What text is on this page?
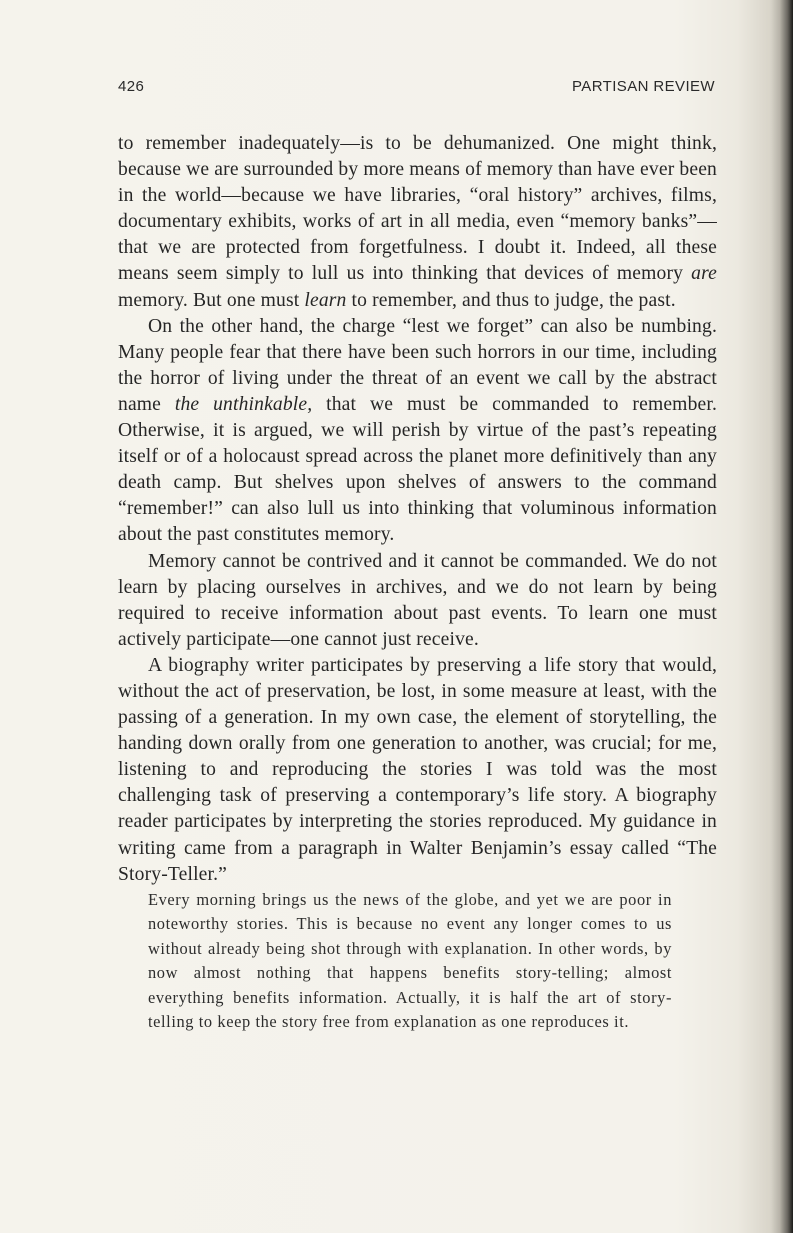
426	PARTISAN REVIEW

to remember inadequately—is to be dehumanized. One might think, because we are surrounded by more means of memory than have ever been in the world—because we have libraries, “oral history” archives, films, documentary exhibits, works of art in all media, even “memory banks”—that we are protected from forgetfulness. I doubt it. Indeed, all these means seem simply to lull us into thinking that devices of memory are memory. But one must learn to remember, and thus to judge, the past.

On the other hand, the charge “lest we forget” can also be numbing. Many people fear that there have been such horrors in our time, including the horror of living under the threat of an event we call by the abstract name the unthinkable, that we must be commanded to remember. Otherwise, it is argued, we will perish by virtue of the past’s repeating itself or of a holocaust spread across the planet more definitively than any death camp. But shelves upon shelves of answers to the command “remember!” can also lull us into thinking that voluminous information about the past constitutes memory.

Memory cannot be contrived and it cannot be commanded. We do not learn by placing ourselves in archives, and we do not learn by being required to receive information about past events. To learn one must actively participate—one cannot just receive.

A biography writer participates by preserving a life story that would, without the act of preservation, be lost, in some measure at least, with the passing of a generation. In my own case, the element of storytelling, the handing down orally from one generation to another, was crucial; for me, listening to and reproducing the stories I was told was the most challenging task of preserving a contemporary’s life story. A biography reader participates by interpreting the stories reproduced. My guidance in writing came from a paragraph in Walter Benjamin’s essay called “The Story-Teller.”

Every morning brings us the news of the globe, and yet we are poor in noteworthy stories. This is because no event any longer comes to us without already being shot through with explanation. In other words, by now almost nothing that happens benefits story-telling; almost everything benefits information. Actually, it is half the art of story-telling to keep the story free from explanation as one reproduces it.
